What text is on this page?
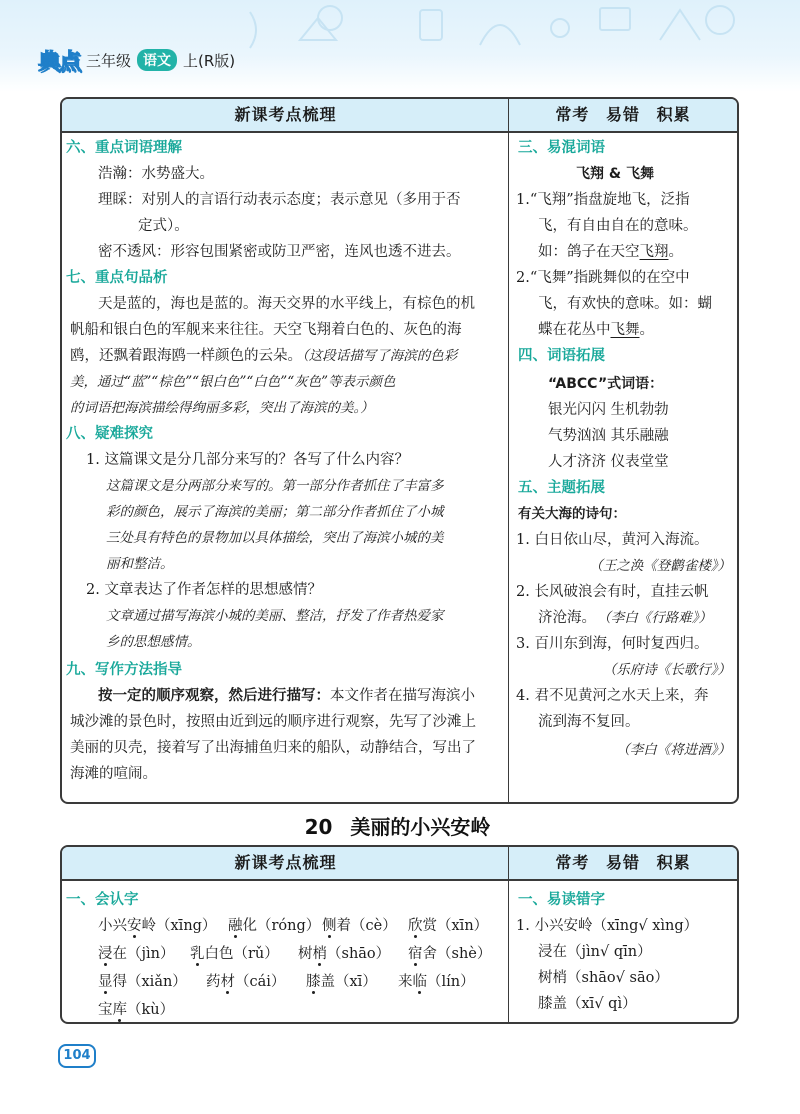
典点 三年级 语文 上(R版)
新课考点梳理	常考 易错 积累
六、重点词语理解
浩瀚：水势盛大。
理睬：对别人的言语行动表示态度；表示意见（多用于否
定式）。
密不透风：形容包围紧密或防卫严密，连风也透不进去。
七、重点句品析
天是蓝的，海也是蓝的。海天交界的水平线上，有棕色的机
帆船和银白色的军舰来来往往。天空飞翔着白色的、灰色的海
鸥，还飘着跟海鸥一样颜色的云朵。（这段话描写了海滨的色彩
美，通过“蓝”“棕色”“银白色”“白色”“灰色”等表示颜色
的词语把海滨描绘得绚丽多彩，突出了海滨的美。）
八、疑难探究
1. 这篇课文是分几部分来写的？各写了什么内容？
这篇课文是分两部分来写的。第一部分作者抓住了丰富多
彩的颜色，展示了海滨的美丽；第二部分作者抓住了小城
三处具有特色的景物加以具体描绘，突出了海滨小城的美
丽和整洁。
2. 文章表达了作者怎样的思想感情？
文章通过描写海滨小城的美丽、整洁，抒发了作者热爱家
乡的思想感情。
九、写作方法指导
按一定的顺序观察，然后进行描写：本文作者在描写海滨小
城沙滩的景色时，按照由近到远的顺序进行观察，先写了沙滩上
美丽的贝壳，接着写了出海捕鱼归来的船队，动静结合，写出了
海滩的喧闹。
三、易混词语
飞翔 & 飞舞
1.“飞翔”指盘旋地飞，泛指
飞，有自由自在的意味。
如：鸽子在天空飞翔。
2.“飞舞”指跳舞似的在空中
飞，有欢快的意味。如：蝴
蝶在花丛中飞舞。
四、词语拓展
“ABCC”式词语：
银光闪闪 生机勃勃
气势汹汹 其乐融融
人才济济 仪表堂堂
五、主题拓展
有关大海的诗句：
1. 白日依山尽，黄河入海流。
（王之涣《登鹳雀楼》）
2. 长风破浪会有时，直挂云帆
济沧海。 （李白《行路难》）
3. 百川东到海，何时复西归。
（乐府诗《长歌行》）
4. 君不见黄河之水天上来，奔
流到海不复回。
（李白《将进酒》）
20 美丽的小兴安岭
新课考点梳理	常考 易错 积累
一、会认字
小兴安岭（xīng） 融化（róng） 侧着（cè） 欣赏（xīn）
浸在（jìn） 乳白色（rǔ） 树梢（shāo） 宿舍（shè）
显得（xiǎn） 药材（cái） 膝盖（xī） 来临（lín）
宝库（kù）
一、易读错字
1. 小兴安岭（xīng√ xìng）
浸在（jìn√ qīn）
树梢（shāo√ sāo）
膝盖（xī√ qì）
104
